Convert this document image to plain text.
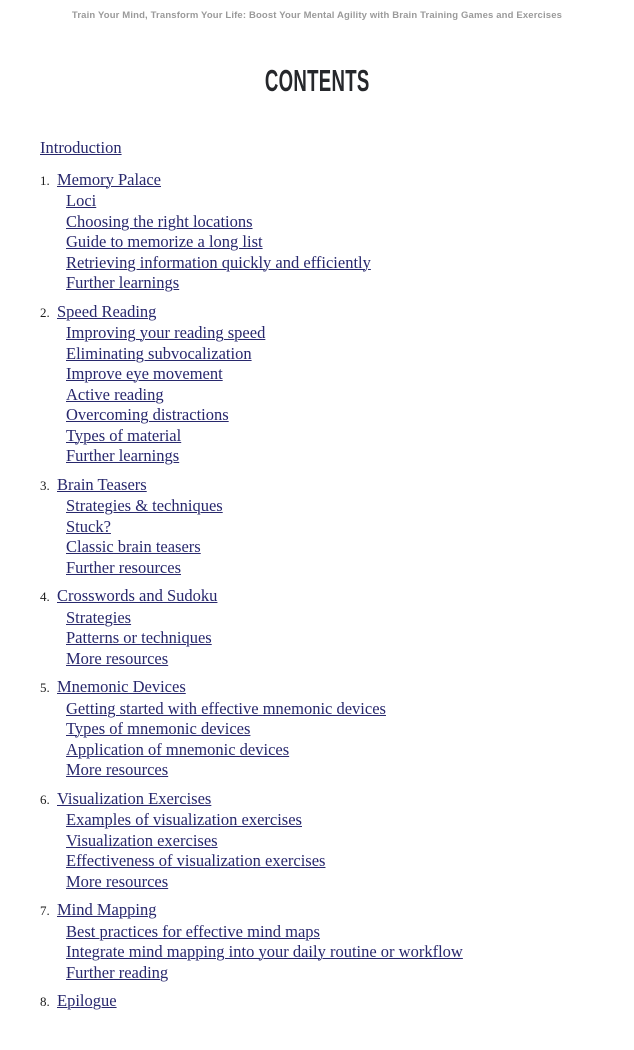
Train Your Mind, Transform Your Life: Boost Your Mental Agility with Brain Training Games and Exercises
CONTENTS
Introduction
1. Memory Palace
Loci
Choosing the right locations
Guide to memorize a long list
Retrieving information quickly and efficiently
Further learnings
2. Speed Reading
Improving your reading speed
Eliminating subvocalization
Improve eye movement
Active reading
Overcoming distractions
Types of material
Further learnings
3. Brain Teasers
Strategies & techniques
Stuck?
Classic brain teasers
Further resources
4. Crosswords and Sudoku
Strategies
Patterns or techniques
More resources
5. Mnemonic Devices
Getting started with effective mnemonic devices
Types of mnemonic devices
Application of mnemonic devices
More resources
6. Visualization Exercises
Examples of visualization exercises
Visualization exercises
Effectiveness of visualization exercises
More resources
7. Mind Mapping
Best practices for effective mind maps
Integrate mind mapping into your daily routine or workflow
Further reading
8. Epilogue
